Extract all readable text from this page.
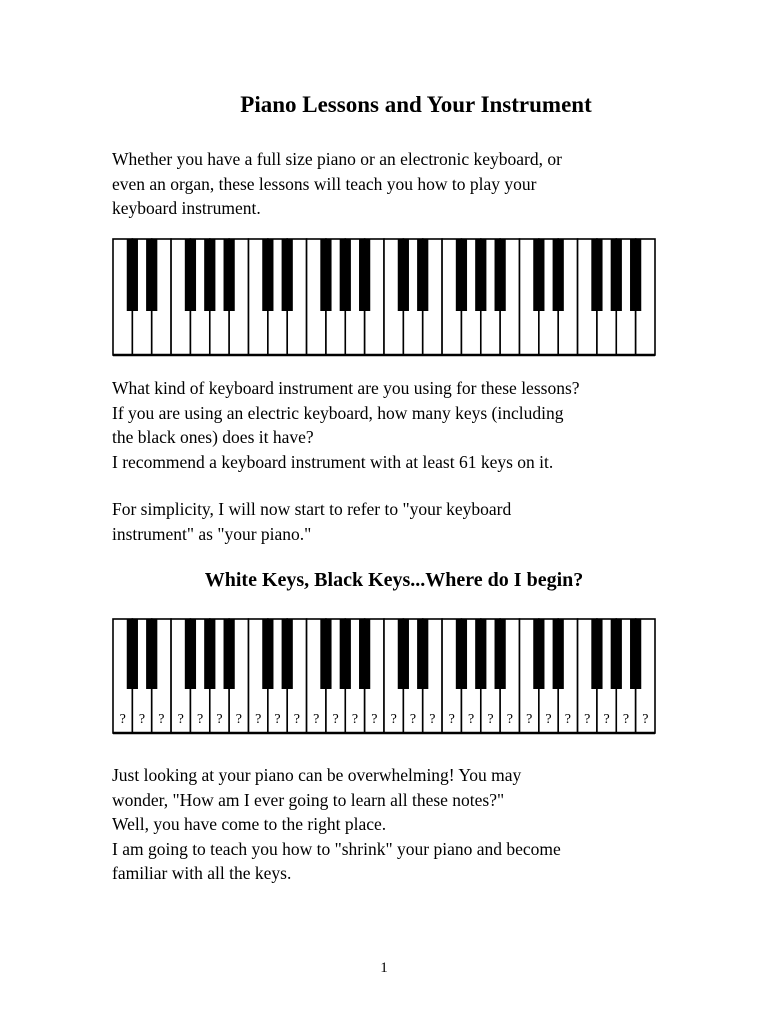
Piano Lessons and Your Instrument
Whether you have a full size piano or an electronic keyboard, or
even an organ, these lessons will teach you how to play your
keyboard instrument.
What kind of keyboard instrument are you using for these lessons?
If you are using an electric keyboard, how many keys (including
the black ones) does it have?
I recommend a keyboard instrument with at least 61 keys on it.
For simplicity, I will now start to refer to "your keyboard
instrument" as "your piano."
White Keys, Black Keys...Where do I begin?
? ? ? ? ? ? ? ? ? ? ? ? ? ? ? ? ? ? ? ? ? ? ? ? ? ? ? ?
Just looking at your piano can be overwhelming! You may
wonder, "How am I ever going to learn all these notes?"
Well, you have come to the right place.
I am going to teach you how to "shrink" your piano and become
familiar with all the keys.
1
